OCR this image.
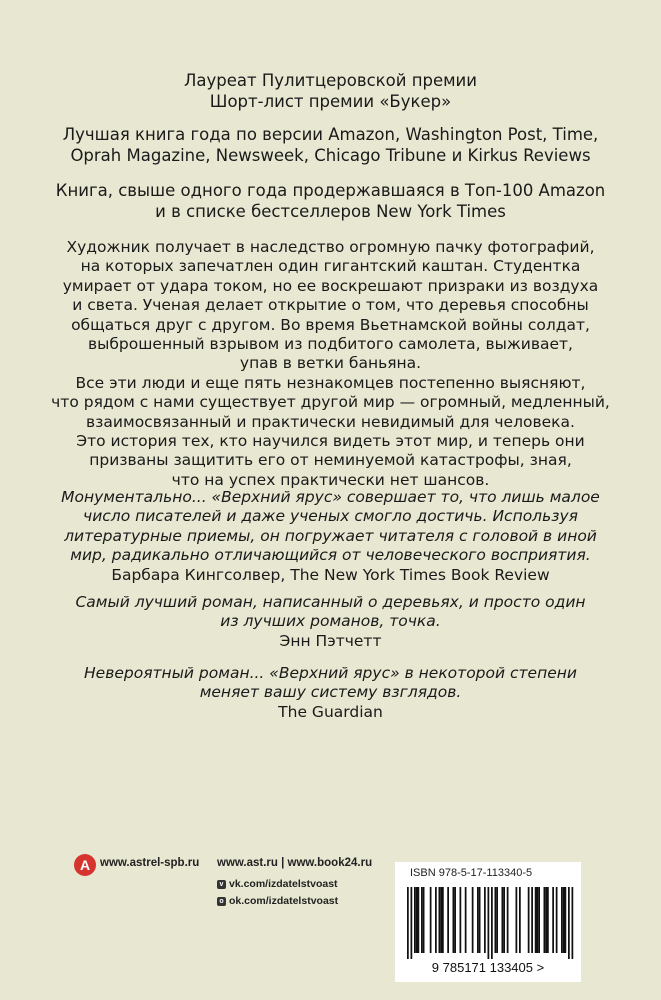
Лауреат Пулитцеровской премии
Шорт-лист премии «Букер»
Лучшая книга года по версии Amazon, Washington Post, Time,
Oprah Magazine, Newsweek, Chicago Tribune и Kirkus Reviews
Книга, свыше одного года продержавшаяся в Топ-100 Amazon
и в списке бестселлеров New York Times

Художник получает в наследство огромную пачку фотографий,
на которых запечатлен один гигантский каштан. Студентка
умирает от удара током, но ее воскрешают призраки из воздуха
и света. Ученая делает открытие о том, что деревья способны
общаться друг с другом. Во время Вьетнамской войны солдат,
выброшенный взрывом из подбитого самолета, выживает,
упав в ветки баньяна.

Все эти люди и еще пять незнакомцев постепенно выясняют,
что рядом с нами существует другой мир — огромный, медленный,
взаимосвязанный и практически невидимый для человека.
Это история тех, кто научился видеть этот мир, и теперь они
призваны защитить его от неминуемой катастрофы, зная,
что на успех практически нет шансов.

Монументально... «Верхний ярус» совершает то, что лишь малое
число писателей и даже ученых смогло достичь. Используя
литературные приемы, он погружает читателя с головой в иной
мир, радикально отличающийся от человеческого восприятия.
Барбара Кингсолвер, The New York Times Book Review
Самый лучший роман, написанный о деревьях, и просто один
из лучших романов, точка.
Энн Пэтчетт
Невероятный роман... «Верхний ярус» в некоторой степени
меняет вашу систему взглядов.
The Guardian
А www.astrel-spb.ru www.ast.ru | www.book24.ru
v vk.com/izdatelstvoast
o ok.com/izdatelstvoast
ISBN 978-5-17-113340-5
9 785171 133405 >
